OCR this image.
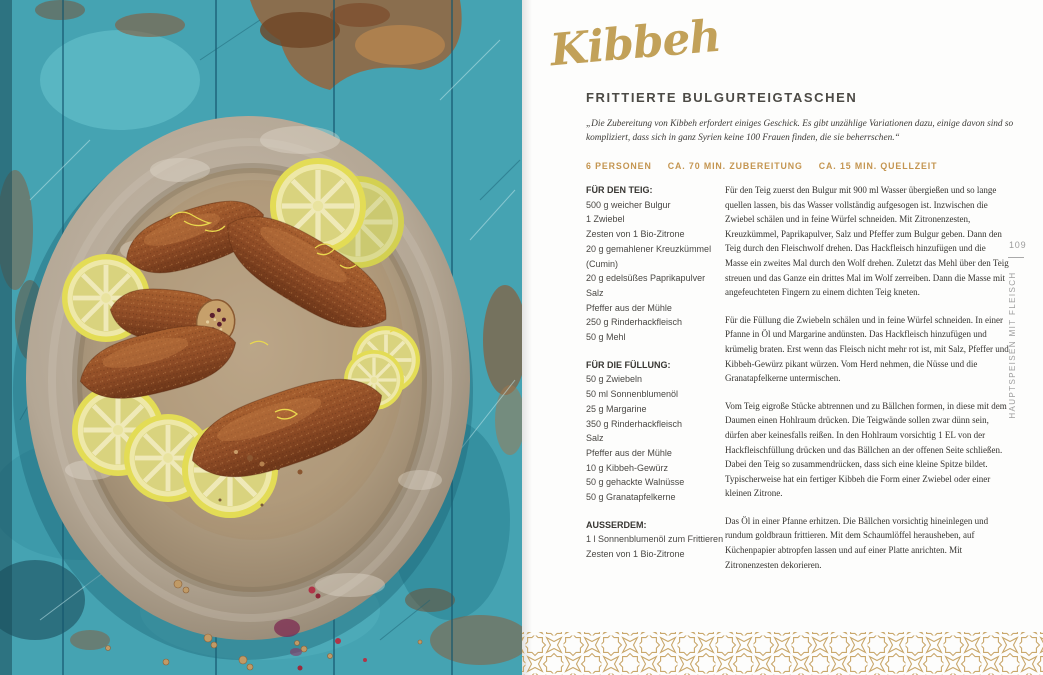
Kibbeh
FRITTIERTE BULGURTEIGTASCHEN
„Die Zubereitung von Kibbeh erfordert einiges Geschick. Es gibt unzählige Variationen dazu, einige davon sind so kompliziert, dass sich in ganz Syrien keine 100 Frauen finden, die sie beherrschen.“
6 PERSONEN CA. 70 MIN. ZUBEREITUNG CA. 15 MIN. QUELLZEIT
FÜR DEN TEIG:
500 g weicher Bulgur
1 Zwiebel
Zesten von 1 Bio-Zitrone
20 g gemahlener Kreuzkümmel
(Cumin)
20 g edelsüßes Paprikapulver
Salz
Pfeffer aus der Mühle
250 g Rinderhackfleisch
50 g Mehl
FÜR DIE FÜLLUNG:
50 g Zwiebeln
50 ml Sonnenblumenöl
25 g Margarine
350 g Rinderhackfleisch
Salz
Pfeffer aus der Mühle
10 g Kibbeh-Gewürz
50 g gehackte Walnüsse
50 g Granatapfelkerne
AUSSERDEM:
1 l Sonnenblumenöl zum Frittieren
Zesten von 1 Bio-Zitrone

Für den Teig zuerst den Bulgur mit 900 ml Wasser übergießen und so lange quellen lassen, bis das Wasser vollständig aufgesogen ist. Inzwischen die Zwiebel schälen und in feine Würfel schneiden. Mit Zitronenzesten, Kreuzkümmel, Paprikapulver, Salz und Pfeffer zum Bulgur geben. Dann den Teig durch den Fleischwolf drehen. Das Hackfleisch hinzufügen und die Masse ein zweites Mal durch den Wolf drehen. Zuletzt das Mehl über den Teig streuen und das Ganze ein drittes Mal im Wolf zerreiben. Dann die Masse mit angefeuchteten Fingern zu einem dichten Teig kneten.

Für die Füllung die Zwiebeln schälen und in feine Würfel schneiden. In einer Pfanne in Öl und Margarine andünsten. Das Hackfleisch hinzufügen und krümelig braten. Erst wenn das Fleisch nicht mehr rot ist, mit Salz, Pfeffer und Kibbeh-Gewürz pikant würzen. Vom Herd nehmen, die Nüsse und die Granatapfelkerne untermischen.

Vom Teig eigroße Stücke abtrennen und zu Bällchen formen, in diese mit dem Daumen einen Hohlraum drücken. Die Teigwände sollen zwar dünn sein, dürfen aber keinesfalls reißen. In den Hohlraum vorsichtig 1 EL von der Hackfleischfüllung drücken und das Bällchen an der offenen Seite schließen. Dabei den Teig so zusammendrücken, dass sich eine kleine Spitze bildet. Typischerweise hat ein fertiger Kibbeh die Form einer Zwiebel oder einer kleinen Zitrone.

Das Öl in einer Pfanne erhitzen. Die Bällchen vorsichtig hineinlegen und rundum goldbraun frittieren. Mit dem Schaumlöffel herausheben, auf Küchenpapier abtropfen lassen und auf einer Platte anrichten. Mit Zitronenzesten dekorieren.

109
HAUPTSPEISEN MIT FLEISCH
